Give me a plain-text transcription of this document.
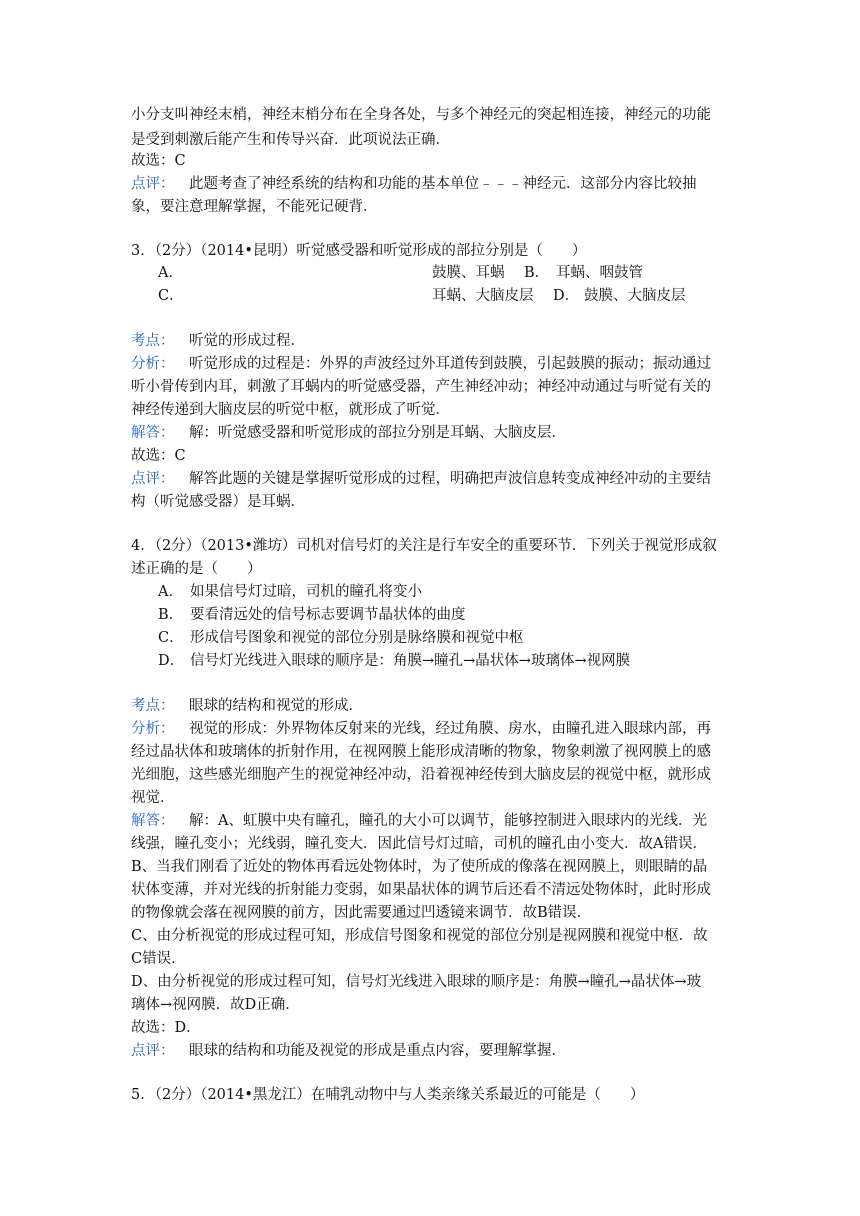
小分支叫神经末梢，神经末梢分布在全身各处，与多个神经元的突起相连接，神经元的功能
是受到刺激后能产生和传导兴奋．此项说法正确．
故选：C
点评： 此题考查了神经系统的结构和功能的基本单位﹣﹣﹣神经元．这部分内容比较抽
象，要注意理解掌握，不能死记硬背．
3．（2分）（2014•昆明）听觉感受器和听觉形成的部拉分别是（　　）
A．	鼓膜、耳蜗 B． 耳蜗、咽鼓管
C．	耳蜗、大脑皮层 D． 鼓膜、大脑皮层
考点： 听觉的形成过程．
分析： 听觉形成的过程是：外界的声波经过外耳道传到鼓膜，引起鼓膜的振动；振动通过
听小骨传到内耳，刺激了耳蜗内的听觉感受器，产生神经冲动；神经冲动通过与听觉有关的
神经传递到大脑皮层的听觉中枢，就形成了听觉．
解答： 解：听觉感受器和听觉形成的部拉分别是耳蜗、大脑皮层．
故选：C
点评： 解答此题的关键是掌握听觉形成的过程，明确把声波信息转变成神经冲动的主要结
构（听觉感受器）是耳蜗．
4．（2分）（2013•潍坊）司机对信号灯的关注是行车安全的重要环节．下列关于视觉形成叙
述正确的是（　　）
A． 如果信号灯过暗，司机的瞳孔将变小
B． 要看清远处的信号标志要调节晶状体的曲度
C． 形成信号图象和视觉的部位分别是脉络膜和视觉中枢
D． 信号灯光线进入眼球的顺序是：角膜→瞳孔→晶状体→玻璃体→视网膜
考点： 眼球的结构和视觉的形成．
分析： 视觉的形成：外界物体反射来的光线，经过角膜、房水，由瞳孔进入眼球内部，再
经过晶状体和玻璃体的折射作用，在视网膜上能形成清晰的物象，物象刺激了视网膜上的感
光细胞，这些感光细胞产生的视觉神经冲动，沿着视神经传到大脑皮层的视觉中枢，就形成
视觉．
解答： 解：A、虹膜中央有瞳孔，瞳孔的大小可以调节，能够控制进入眼球内的光线．光
线强，瞳孔变小；光线弱，瞳孔变大．因此信号灯过暗，司机的瞳孔由小变大．故A错误．
B、当我们刚看了近处的物体再看远处物体时，为了使所成的像落在视网膜上，则眼睛的晶
状体变薄，并对光线的折射能力变弱，如果晶状体的调节后还看不清远处物体时，此时形成
的物像就会落在视网膜的前方，因此需要通过凹透镜来调节．故B错误．
C、由分析视觉的形成过程可知，形成信号图象和视觉的部位分别是视网膜和视觉中枢．故
C错误．
D、由分析视觉的形成过程可知，信号灯光线进入眼球的顺序是：角膜→瞳孔→晶状体→玻
璃体→视网膜．故D正确．
故选：D．
点评： 眼球的结构和功能及视觉的形成是重点内容，要理解掌握．
5．（2分）（2014•黑龙江）在哺乳动物中与人类亲缘关系最近的可能是（　　）
